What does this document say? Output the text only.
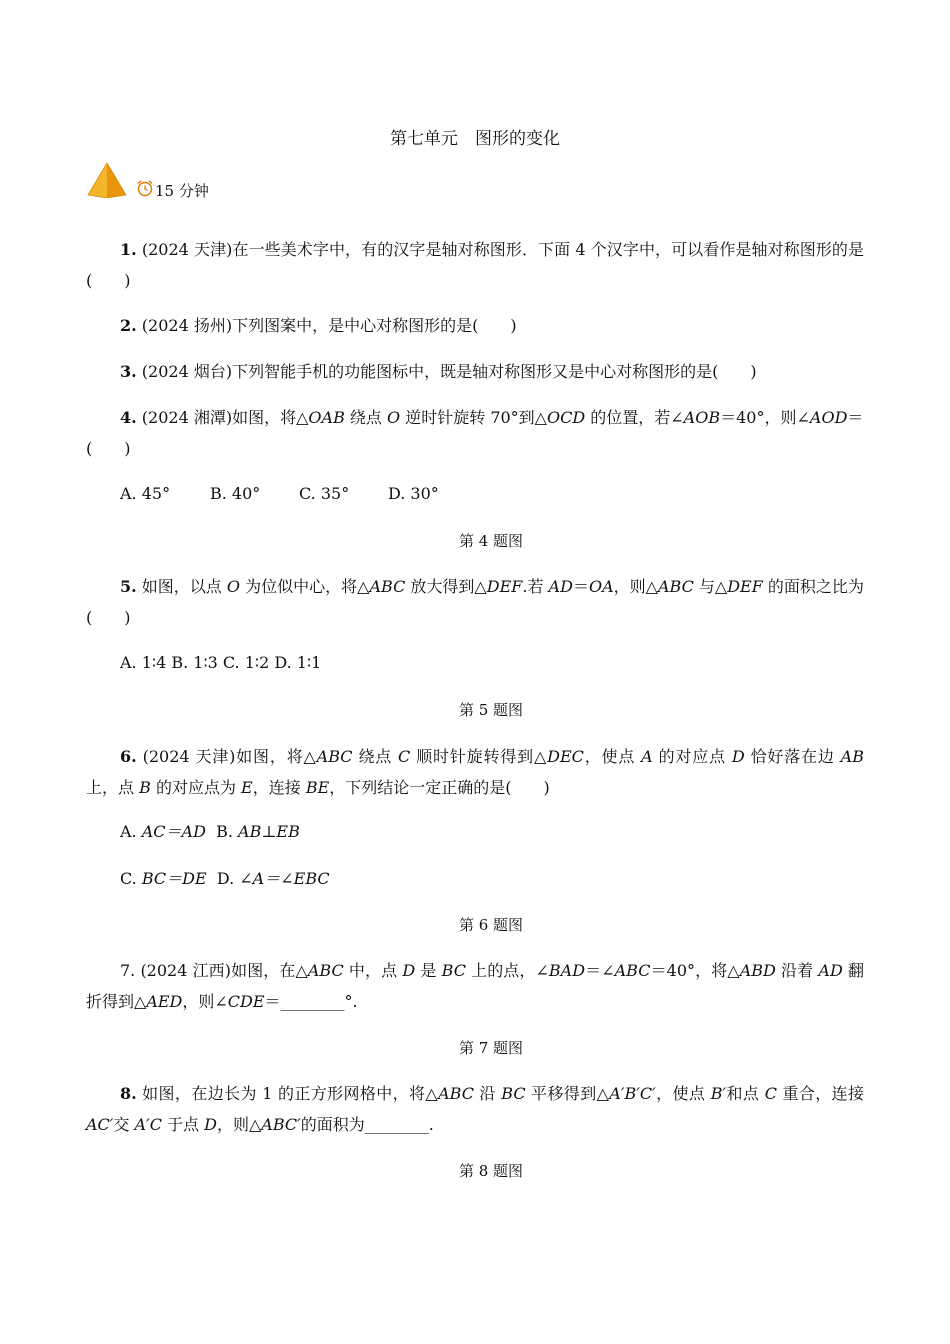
第七单元　图形的变化
15 分钟
1. (2024 天津)在一些美术字中，有的汉字是轴对称图形．下面 4 个汉字中，可以看作是轴对称图形的是(　　)
2. (2024 扬州)下列图案中，是中心对称图形的是(　　)
3. (2024 烟台)下列智能手机的功能图标中，既是轴对称图形又是中心对称图形的是(　　)
4. (2024 湘潭)如图，将△OAB 绕点 O 逆时针旋转 70°到△OCD 的位置，若∠AOB＝40°，则∠AOD＝(　　)
A. 45° B. 40° C. 35° D. 30°
第 4 题图
5. 如图，以点 O 为位似中心，将△ABC 放大得到△DEF.若 AD＝OA，则△ABC 与△DEF 的面积之比为(　　)
A. 1∶4 B. 1∶3 C. 1∶2 D. 1∶1
第 5 题图
6. (2024 天津)如图，将△ABC 绕点 C 顺时针旋转得到△DEC，使点 A 的对应点 D 恰好落在边 AB 上，点 B 的对应点为 E，连接 BE，下列结论一定正确的是(　　)
A. AC＝AD B. AB⊥EB
C. BC＝DE D. ∠A＝∠EBC
第 6 题图
7. (2024 江西)如图，在△ABC 中，点 D 是 BC 上的点，∠BAD＝∠ABC＝40°，将△ABD 沿着 AD 翻折得到△AED，则∠CDE＝________°.
第 7 题图
8. 如图，在边长为 1 的正方形网格中，将△ABC 沿 BC 平移得到△A′B′C′，使点 B′和点 C 重合，连接 AC′交 A′C 于点 D，则△ABC′的面积为________.
第 8 题图
